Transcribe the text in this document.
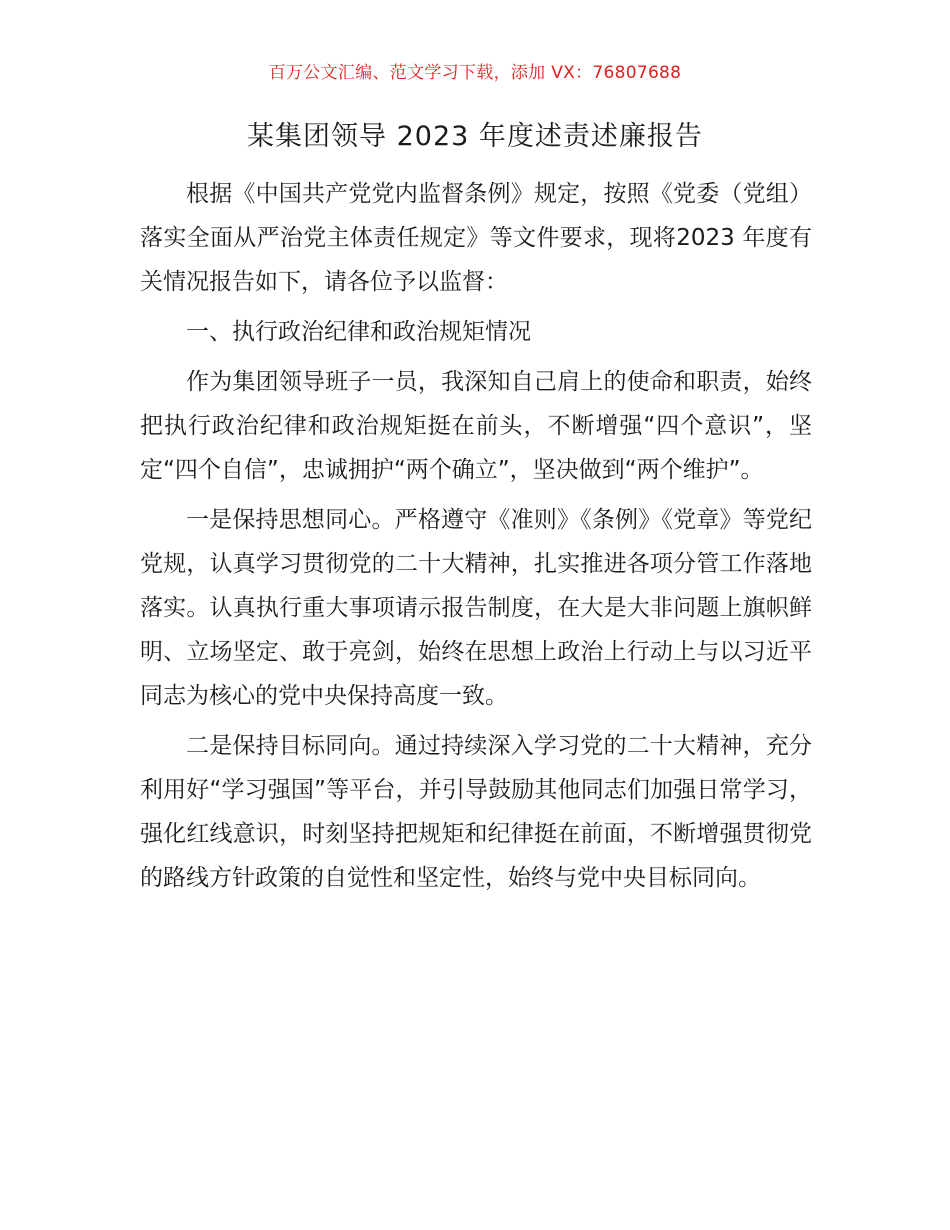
百万公文汇编、范文学习下载，添加 VX：76807688
某集团领导 2023 年度述责述廉报告

根据《中国共产党党内监督条例》规定，按照《党委（党组）落实全面从严治党主体责任规定》等文件要求，现将2023 年度有关情况报告如下，请各位予以监督：

一、执行政治纪律和政治规矩情况

作为集团领导班子一员，我深知自己肩上的使命和职责，始终把执行政治纪律和政治规矩挺在前头，不断增强“四个意识”，坚定“四个自信”，忠诚拥护“两个确立”，坚决做到“两个维护”。

一是保持思想同心。严格遵守《准则》《条例》《党章》等党纪党规，认真学习贯彻党的二十大精神，扎实推进各项分管工作落地落实。认真执行重大事项请示报告制度，在大是大非问题上旗帜鲜明、立场坚定、敢于亮剑，始终在思想上政治上行动上与以习近平同志为核心的党中央保持高度一致。

二是保持目标同向。通过持续深入学习党的二十大精神，充分利用好“学习强国”等平台，并引导鼓励其他同志们加强日常学习，强化红线意识，时刻坚持把规矩和纪律挺在前面，不断增强贯彻党的路线方针政策的自觉性和坚定性，始终与党中央目标同向。
